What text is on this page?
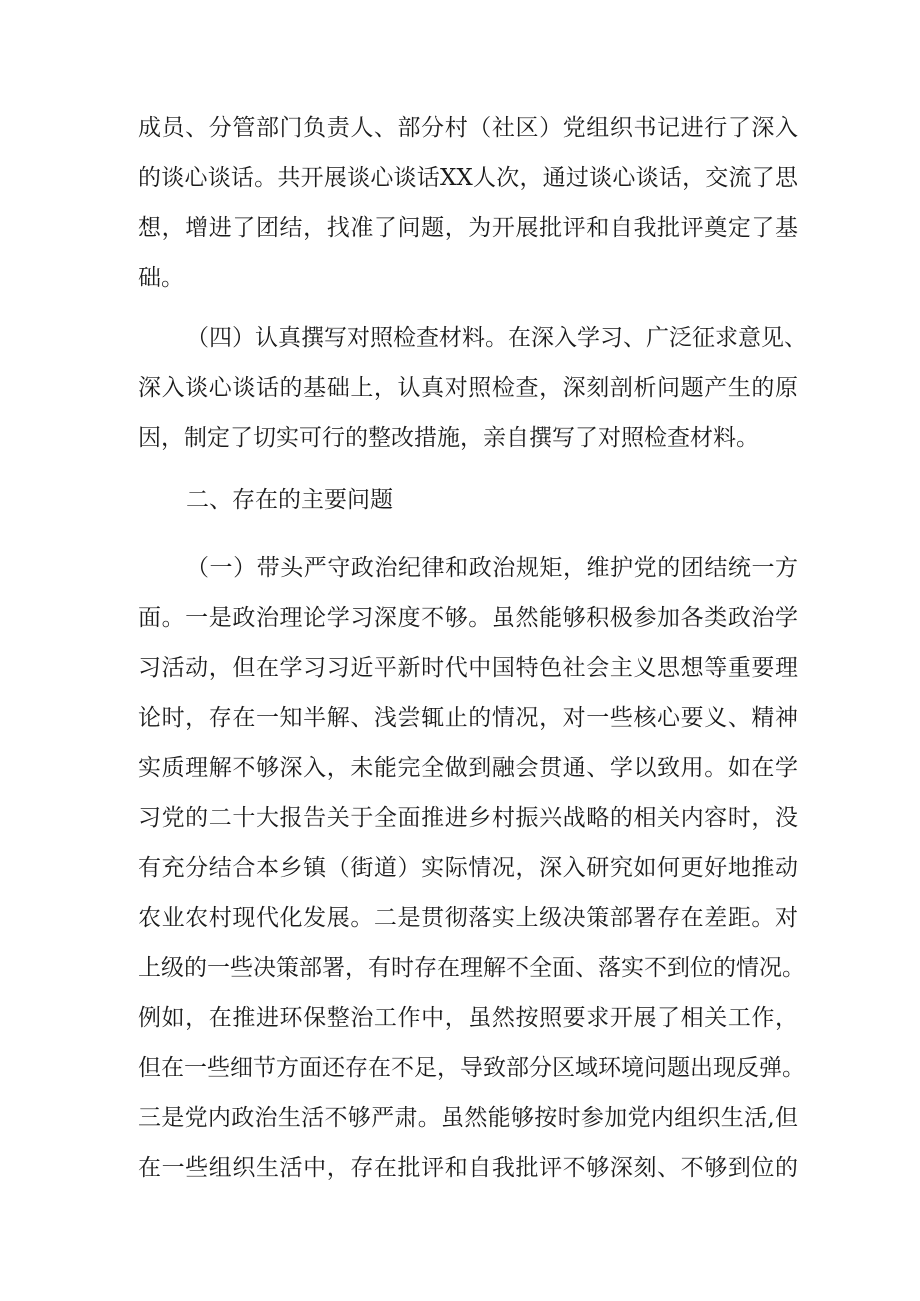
成员、分管部门负责人、部分村（社区）党组织书记进行了深入
的谈心谈话。共开展谈心谈话XX人次，通过谈心谈话，交流了思
想，增进了团结，找准了问题，为开展批评和自我批评奠定了基
础。
（四）认真撰写对照检查材料。在深入学习、广泛征求意见、
深入谈心谈话的基础上，认真对照检查，深刻剖析问题产生的原
因，制定了切实可行的整改措施，亲自撰写了对照检查材料。
二、存在的主要问题
（一）带头严守政治纪律和政治规矩，维护党的团结统一方
面。一是政治理论学习深度不够。虽然能够积极参加各类政治学
习活动，但在学习习近平新时代中国特色社会主义思想等重要理
论时，存在一知半解、浅尝辄止的情况，对一些核心要义、精神
实质理解不够深入，未能完全做到融会贯通、学以致用。如在学
习党的二十大报告关于全面推进乡村振兴战略的相关内容时，没
有充分结合本乡镇（街道）实际情况，深入研究如何更好地推动
农业农村现代化发展。二是贯彻落实上级决策部署存在差距。对
上级的一些决策部署，有时存在理解不全面、落实不到位的情况。
例如，在推进环保整治工作中，虽然按照要求开展了相关工作，
但在一些细节方面还存在不足，导致部分区域环境问题出现反弹。
三是党内政治生活不够严肃。虽然能够按时参加党内组织生活,但
在一些组织生活中，存在批评和自我批评不够深刻、不够到位的
